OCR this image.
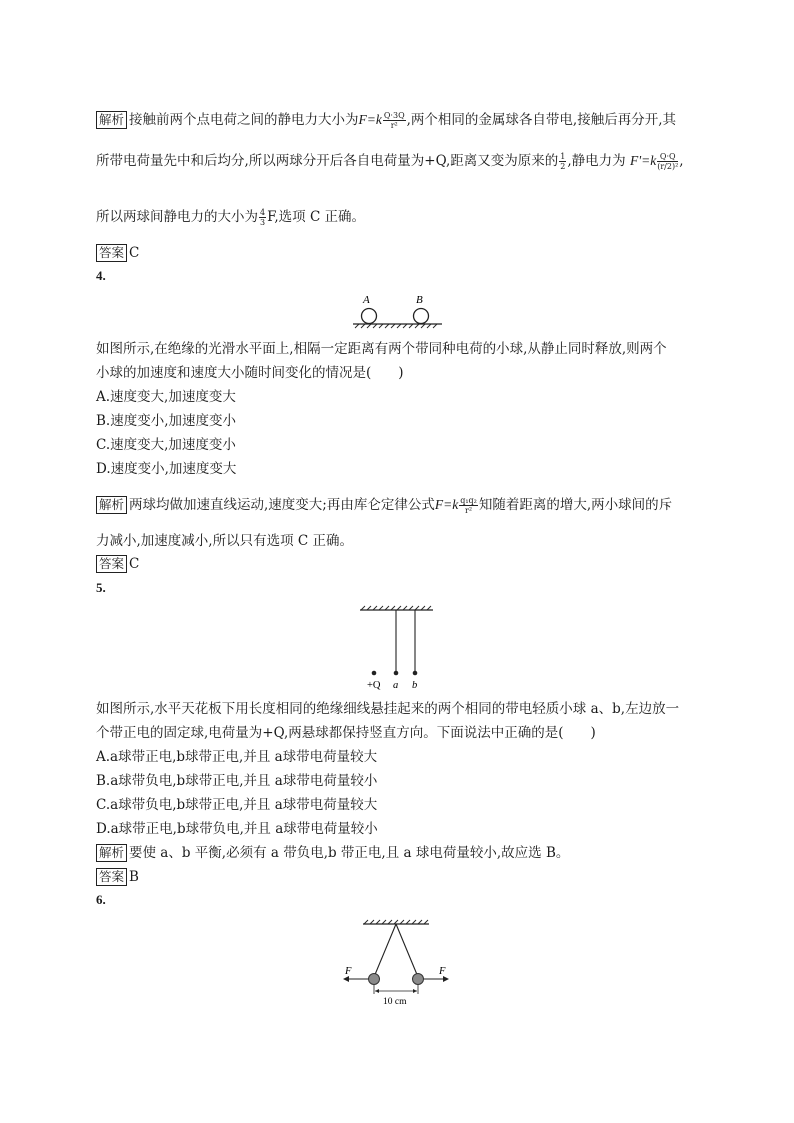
解析 接触前两个点电荷之间的静电力大小为$F=k \frac{Q\cdot 3Q}{\text{r²}}$ ,两个相同的金属球各自带电,接触后再分开,其
所带电荷量先中和后均分,所以两球分开后各自电荷量为+Q,距离又变为原来的 $\frac{1}{2}$ ,静电力为 $F'=k \frac{Q\cdot Q}{\text{(r/2)²}}$ ,
所以两球间静电力的大小为 $\frac{4}{3} F$,选项 C 正确。
答案 C
4.
A	B
如图所示,在绝缘的光滑水平面上,相隔一定距离有两个带同种电荷的小球,从静止同时释放,则两个
小球的加速度和速度大小随时间变化的情况是(　　)
A.速度变大,加速度变大
B.速度变小,加速度变小
C.速度变大,加速度变小
D.速度变小,加速度变大
解析 两球均做加速直线运动,速度变大;再由库仑定律公式$F=k \frac{\text{q₁q₂}}{\text{r²}}$ 知随着距离的增大,两小球间的斥
力减小,加速度减小,所以只有选项 C 正确。
答案 C
5.
+Q a b
如图所示,水平天花板下用长度相同的绝缘细线悬挂起来的两个相同的带电轻质小球 a、b,左边放一
个带正电的固定球,电荷量为+Q,两悬球都保持竖直方向。下面说法中正确的是(　　)
A.a球带正电,b球带正电,并且 a球带电荷量较大
B.a球带负电,b球带正电,并且 a球带电荷量较小
C.a球带负电,b球带正电,并且 a球带电荷量较大
D.a球带正电,b球带负电,并且 a球带电荷量较小
解析 要使 a、b 平衡,必须有 a 带负电,b 带正电,且 a 球电荷量较小,故应选 B。
答案 B
6.
F	F
10 cm
